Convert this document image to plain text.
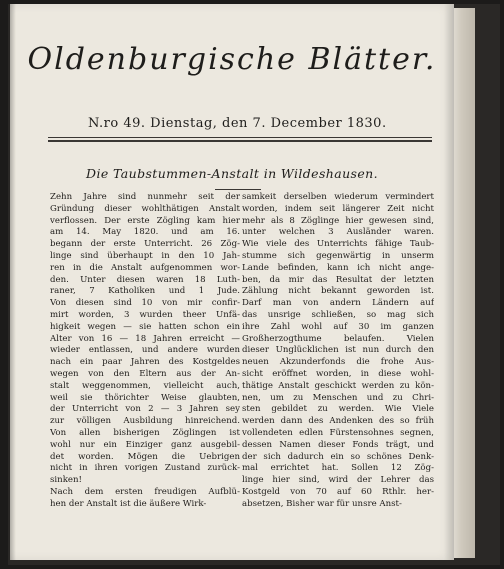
Oldenburgische Blätter.
N.ro 49. Dienstag, den 7. December 1830.
Die Taubstummen-Anstalt in Wildeshausen.
Zehn Jahre sind nunmehr seit der
Gründung dieser wohlthätigen Anstalt
verflossen. Der erste Zögling kam hier
am 14. May 1820. und am 16.
begann der erste Unterricht. 26 Zög-
linge sind überhaupt in den 10 Jah-
ren in die Anstalt aufgenommen wor-
den. Unter diesen waren 18 Luth-
raner, 7 Katholiken und 1 Jude.
Von diesen sind 10 von mir confir-
mirt worden, 3 wurden theer Unfä-
higkeit wegen — sie hatten schon ein
Alter von 16 — 18 Jahren erreicht —
wieder entlassen, und andere wurden
nach ein paar Jahren des Kostgeldes
wegen von den Eltern aus der An-
stalt weggenommen, vielleicht auch,
weil sie thörichter Weise glaubten,
der Unterricht von 2 — 3 Jahren sey
zur völligen Ausbildung hinreichend.
Von allen bisherigen Zöglingen ist
wohl nur ein Einziger ganz ausgebil-
det worden. Mögen die Uebrigen
nicht in ihren vorigen Zustand zurück-
sinken!
Nach dem ersten freudigen Aufblü-
hen der Anstalt ist die äußere Wirk-
samkeit derselben wiederum vermindert
worden, indem seit längerer Zeit nicht
mehr als 8 Zöglinge hier gewesen sind,
unter welchen 3 Ausländer waren.
Wie viele des Unterrichts fähige Taub-
stumme sich gegenwärtig in unserm
Lande befinden, kann ich nicht ange-
ben, da mir das Resultat der letzten
Zählung nicht bekannt geworden ist.
Darf man von andern Ländern auf
das unsrige schließen, so mag sich
ihre Zahl wohl auf 30 im ganzen
Großherzogthume belaufen. Vielen
dieser Unglücklichen ist nun durch den
neuen Akzunderfonds die frohe Aus-
sicht eröffnet worden, in diese wohl-
thätige Anstalt geschickt werden zu kön-
nen, um zu Menschen und zu Chri-
sten gebildet zu werden. Wie Viele
werden dann des Andenken des so früh
vollendeten edlen Fürstensohnes segnen,
dessen Namen dieser Fonds trägt, und
der sich dadurch ein so schönes Denk-
mal errichtet hat. Sollen 12 Zög-
linge hier sind, wird der Lehrer das
Kostgeld von 70 auf 60 Rthlr. her-
absetzen, Bisher war für unsre Anst-
